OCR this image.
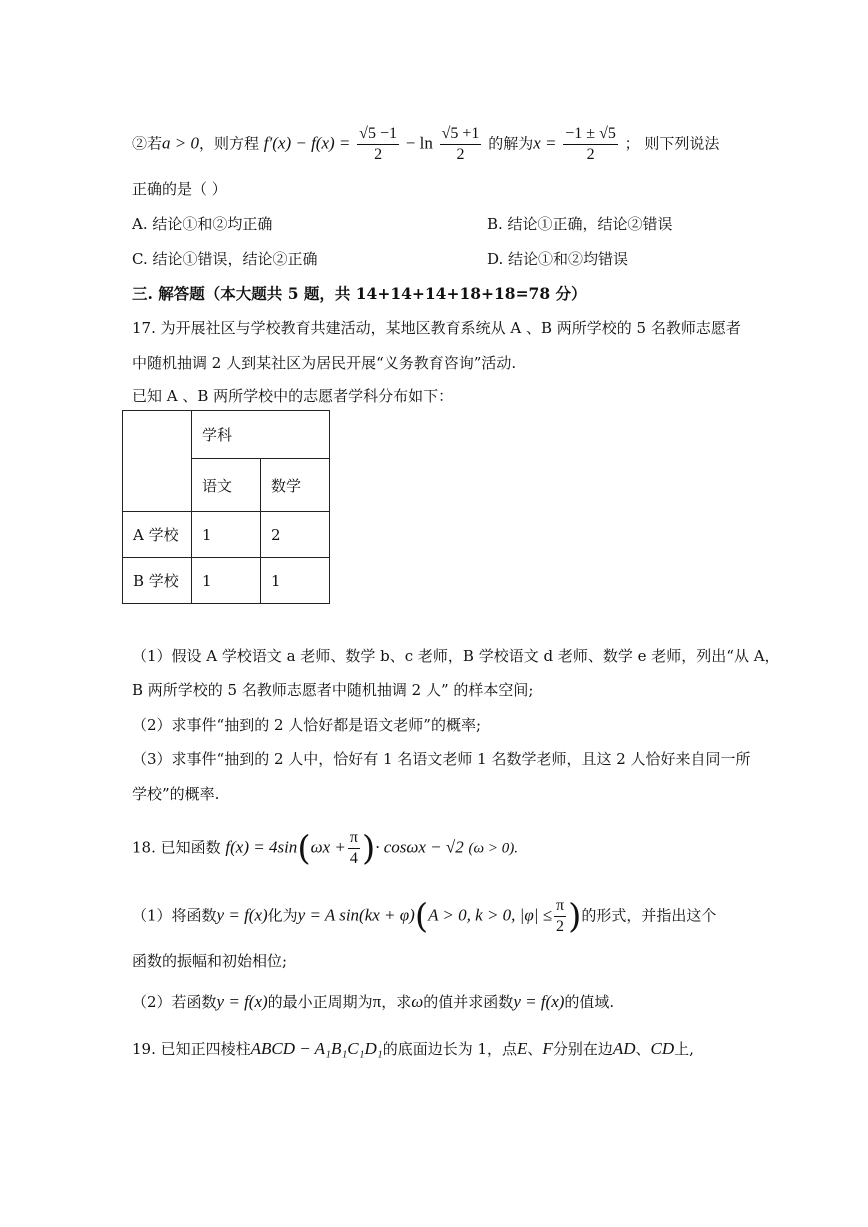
②若a > 0，则方程 $f'(x) - f(x) = \frac{√5 -1}{2} - \ln \frac{√5 +1}{2}$ 的解为$x = \frac{-1 \pm √5}{2}$ ； 则下列说法
正确的是（ ）
A. 结论①和②均正确	B. 结论①正确，结论②错误
C. 结论①错误，结论②正确	D. 结论①和②均错误
三. 解答题（本大题共 5 题，共 14+14+14+18+18=78 分）
17. 为开展社区与学校教育共建活动，某地区教育系统从 A 、B 两所学校的 5 名教师志愿者
中随机抽调 2 人到某社区为居民开展“义务教育咨询”活动.
已知 A 、B 两所学校中的志愿者学科分布如下：
	学科	
	语文	数学
A 学校	1	2
B 学校	1	1
（1）假设 A 学校语文 a 老师、数学 b、c 老师，B 学校语文 d 老师、数学 e 老师，列出“从 A，
B 两所学校的 5 名教师志愿者中随机抽调 2 人” 的样本空间;
（2）求事件“抽到的 2 人恰好都是语文老师”的概率;
（3）求事件“抽到的 2 人中，恰好有 1 名语文老师 1 名数学老师，且这 2 人恰好来自同一所
学校”的概率.
18. 已知函数 $f(x) = 4\sin(\omega x + \frac{\pi}{4}$ )· cosωx − √2 (ω > 0).
（1）将函数y = f(x)化为y = A sin(kx + φ)(A > 0, k > 0, $|\varphi| \le \frac{\pi}{2}$ )的形式，并指出这个
函数的振幅和初始相位;
（2）若函数y = f(x)的最小正周期为π，求ω的值并求函数y = f(x)的值域.
19. 已知正四棱柱ABCD − A₁B₁C₁D₁的底面边长为 1，点E、F分别在边AD、CD上,
